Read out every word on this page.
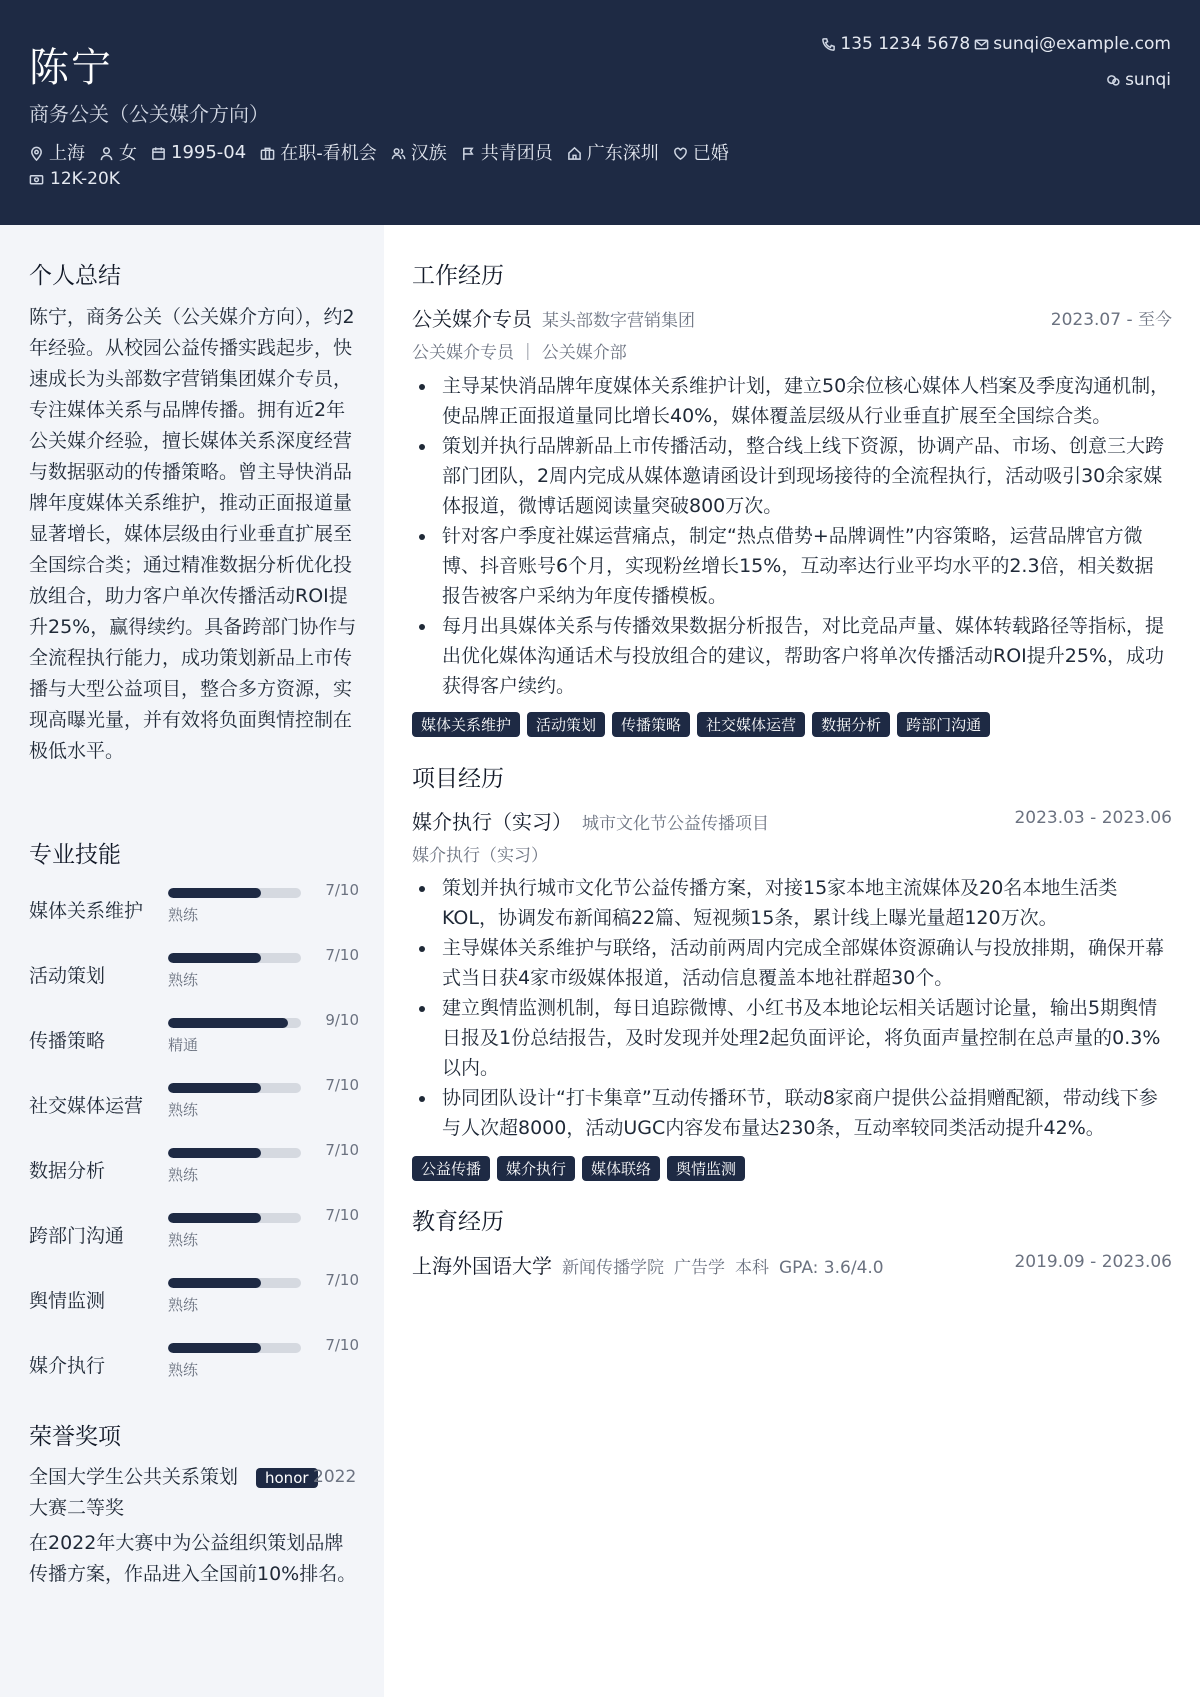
陈宁
商务公关（公关媒介方向）
135 1234 5678 sunqi@example.com
sunqi
上海 女 1995-04 在职-看机会 汉族 共青团员 广东深圳 已婚
12K-20K
个人总结
陈宁，商务公关（公关媒介方向），约2年经验。从校园公益传播实践起步，快速成长为头部数字营销集团媒介专员，专注媒体关系与品牌传播。拥有近2年公关媒介经验，擅长媒体关系深度经营与数据驱动的传播策略。曾主导快消品牌年度媒体关系维护，推动正面报道量显著增长，媒体层级由行业垂直扩展至全国综合类；通过精准数据分析优化投放组合，助力客户单次传播活动ROI提升25%，赢得续约。具备跨部门协作与全流程执行能力，成功策划新品上市传播与大型公益项目，整合多方资源，实现高曝光量，并有效将负面舆情控制在极低水平。
专业技能
媒体关系维护
7/10
熟练
活动策划
7/10
熟练
传播策略
9/10
精通
社交媒体运营
7/10
熟练
数据分析
7/10
熟练
跨部门沟通
7/10
熟练
舆情监测
7/10
熟练
媒介执行
7/10
熟练
荣誉奖项
全国大学生公共关系策划大赛二等奖
honor 2022
在2022年大赛中为公益组织策划品牌传播方案，作品进入全国前10%排名。
工作经历
公关媒介专员 某头部数字营销集团	2023.07 - 至今
公关媒介专员 ｜ 公关媒介部
主导某快消品牌年度媒体关系维护计划，建立50余位核心媒体人档案及季度沟通机制，使品牌正面报道量同比增长40%，媒体覆盖层级从行业垂直扩展至全国综合类。
策划并执行品牌新品上市传播活动，整合线上线下资源，协调产品、市场、创意三大跨部门团队，2周内完成从媒体邀请函设计到现场接待的全流程执行，活动吸引30余家媒体报道，微博话题阅读量突破800万次。
针对客户季度社媒运营痛点，制定“热点借势+品牌调性”内容策略，运营品牌官方微博、抖音账号6个月，实现粉丝增长15%，互动率达行业平均水平的2.3倍，相关数据报告被客户采纳为年度传播模板。
每月出具媒体关系与传播效果数据分析报告，对比竞品声量、媒体转载路径等指标，提出优化媒体沟通话术与投放组合的建议，帮助客户将单次传播活动ROI提升25%，成功获得客户续约。
媒体关系维护	活动策划	传播策略	社交媒体运营	数据分析	跨部门沟通
项目经历
媒介执行（实习） 城市文化节公益传播项目	2023.03 - 2023.06
媒介执行（实习）
策划并执行城市文化节公益传播方案，对接15家本地主流媒体及20名本地生活类KOL，协调发布新闻稿22篇、短视频15条，累计线上曝光量超120万次。
主导媒体关系维护与联络，活动前两周内完成全部媒体资源确认与投放排期，确保开幕式当日获4家市级媒体报道，活动信息覆盖本地社群超30个。
建立舆情监测机制，每日追踪微博、小红书及本地论坛相关话题讨论量，输出5期舆情日报及1份总结报告，及时发现并处理2起负面评论，将负面声量控制在总声量的0.3%以内。
协同团队设计“打卡集章”互动传播环节，联动8家商户提供公益捐赠配额，带动线下参与人次超8000，活动UGC内容发布量达230条，互动率较同类活动提升42%。
公益传播	媒介执行	媒体联络	舆情监测
教育经历
上海外国语大学 新闻传播学院 广告学 本科 GPA: 3.6/4.0	2019.09 - 2023.06
